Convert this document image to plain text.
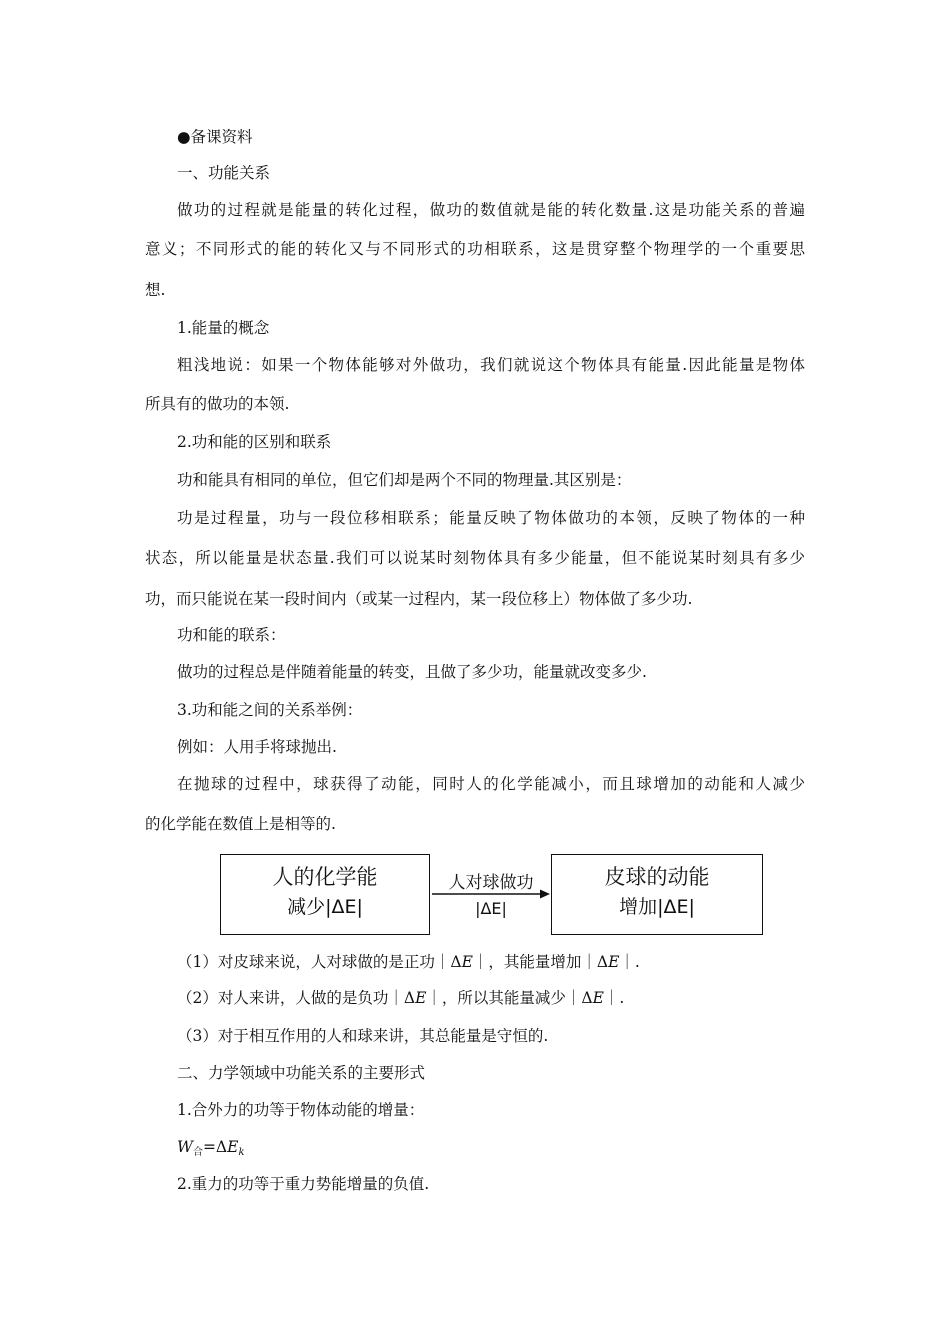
●备课资料
一、功能关系
做功的过程就是能量的转化过程，做功的数值就是能的转化数量.这是功能关系的普遍
意义；不同形式的能的转化又与不同形式的功相联系，这是贯穿整个物理学的一个重要思
想.
1.能量的概念
粗浅地说：如果一个物体能够对外做功，我们就说这个物体具有能量.因此能量是物体
所具有的做功的本领.
2.功和能的区别和联系
功和能具有相同的单位，但它们却是两个不同的物理量.其区别是：
功是过程量，功与一段位移相联系；能量反映了物体做功的本领，反映了物体的一种
状态，所以能量是状态量.我们可以说某时刻物体具有多少能量，但不能说某时刻具有多少
功，而只能说在某一段时间内（或某一过程内，某一段位移上）物体做了多少功.
功和能的联系：
做功的过程总是伴随着能量的转变，且做了多少功，能量就改变多少.
3.功和能之间的关系举例：
例如：人用手将球抛出.
在抛球的过程中，球获得了动能，同时人的化学能减小，而且球增加的动能和人减少
的化学能在数值上是相等的.
人的化学能
减少|ΔE|
人对球做功
|ΔE|
皮球的动能
增加|ΔE|
（1）对皮球来说，人对球做的是正功｜ΔE｜，其能量增加｜ΔE｜.
（2）对人来讲，人做的是负功｜ΔE｜，所以其能量减少｜ΔE｜.
（3）对于相互作用的人和球来讲，其总能量是守恒的.
二、力学领域中功能关系的主要形式
1.合外力的功等于物体动能的增量：
W合=ΔEk
2.重力的功等于重力势能增量的负值.
